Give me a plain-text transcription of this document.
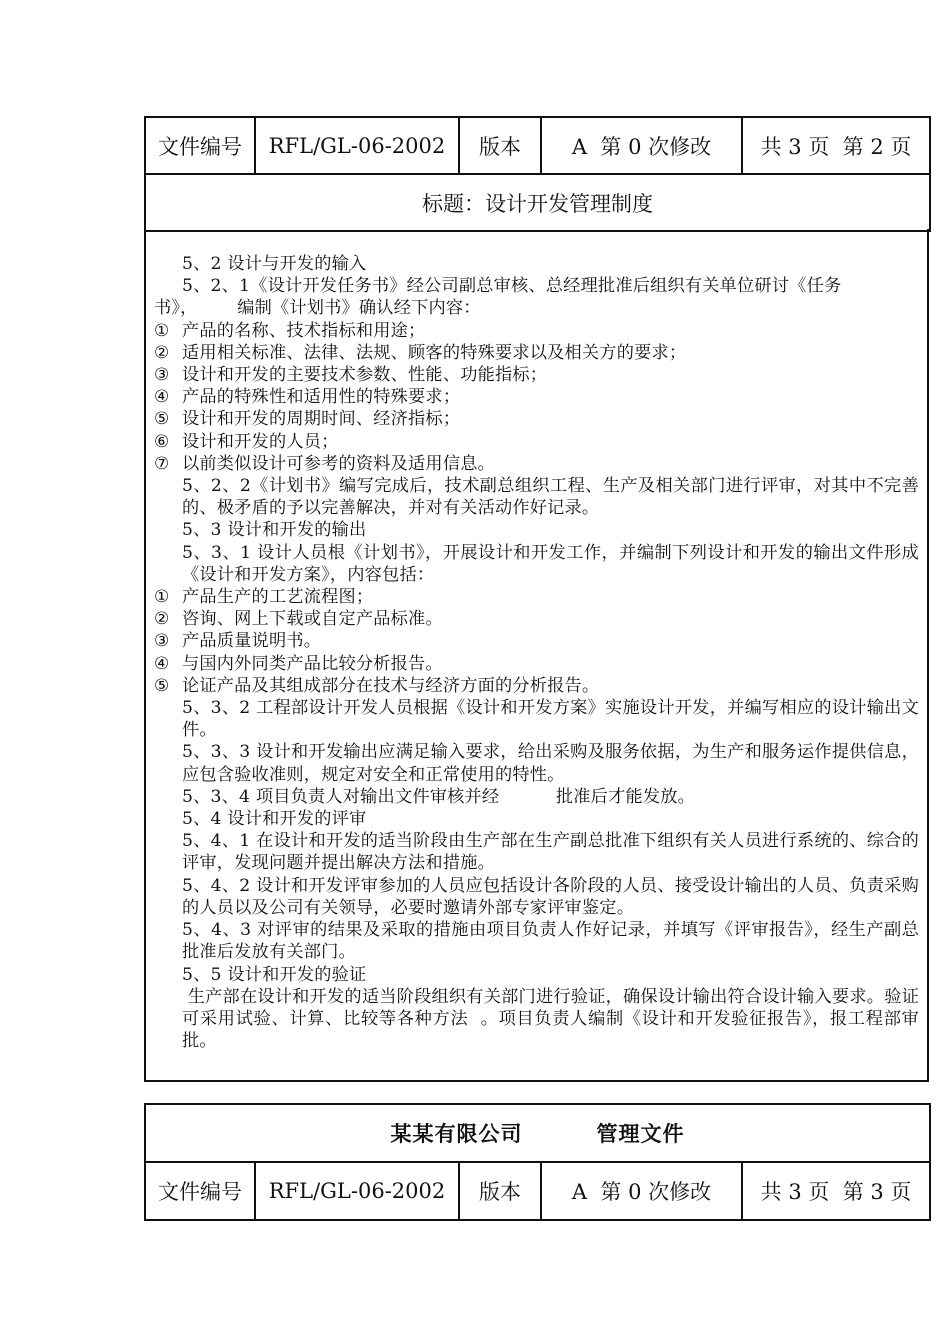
文件编号	RFL/GL-06-2002	版本	A  第 0 次修改	共 3 页  第 2 页
标题：设计开发管理制度
5、2 设计与开发的输入
5、2、1《设计开发任务书》经公司副总审核、总经理批准后组织有关单位研讨《任务
书》，       编制《计划书》确认经下内容：
① 产品的名称、技术指标和用途；
② 适用相关标准、法律、法规、顾客的特殊要求以及相关方的要求；
③ 设计和开发的主要技术参数、性能、功能指标；
④ 产品的特殊性和适用性的特殊要求；
⑤ 设计和开发的周期时间、经济指标；
⑥ 设计和开发的人员；
⑦ 以前类似设计可参考的资料及适用信息。
5、2、2《计划书》编写完成后，技术副总组织工程、生产及相关部门进行评审，对其中不完善的、极矛盾的予以完善解决，并对有关活动作好记录。
5、3 设计和开发的输出
5、3、1 设计人员根《计划书》，开展设计和开发工作，并编制下列设计和开发的输出文件形成《设计和开发方案》，内容包括：
① 产品生产的工艺流程图；
② 咨询、网上下载或自定产品标准。
③ 产品质量说明书。
④ 与国内外同类产品比较分析报告。
⑤ 论证产品及其组成部分在技术与经济方面的分析报告。
5、3、2 工程部设计开发人员根据《设计和开发方案》实施设计开发，并编写相应的设计输出文件。
5、3、3 设计和开发输出应满足输入要求，给出采购及服务依据，为生产和服务运作提供信息，应包含验收准则，规定对安全和正常使用的特性。
5、3、4 项目负责人对输出文件审核并经          批准后才能发放。
5、4 设计和开发的评审
5、4、1 在设计和开发的适当阶段由生产部在生产副总批准下组织有关人员进行系统的、综合的评审，发现问题并提出解决方法和措施。
5、4、2 设计和开发评审参加的人员应包括设计各阶段的人员、接受设计输出的人员、负责采购的人员以及公司有关领导，必要时邀请外部专家评审鉴定。
5、4、3 对评审的结果及采取的措施由项目负责人作好记录，并填写《评审报告》，经生产副总批准后发放有关部门。
5、5 设计和开发的验证
生产部在设计和开发的适当阶段组织有关部门进行验证，确保设计输出符合设计输入要求。验证可采用试验、计算、比较等各种方法  。项目负责人编制《设计和开发验征报告》，报工程部审批。
某某有限公司	管理文件
文件编号	RFL/GL-06-2002	版本	A  第 0 次修改	共 3 页  第 3 页
